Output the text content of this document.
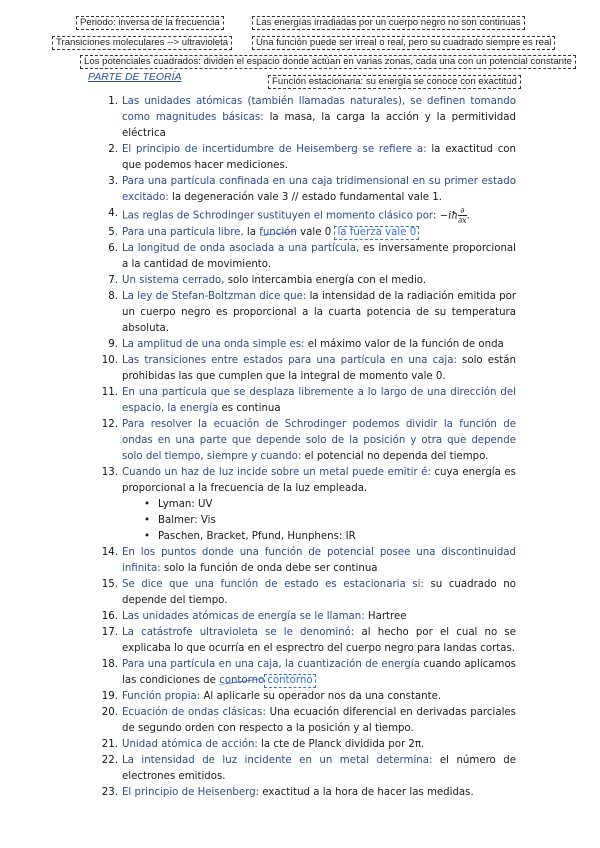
Periodo: inversa de la frecuencia	Las energías irradiadas por un cuerpo negro no son continuas
Transiciones moleculares --> ultravioleta	Una función puede ser irreal o real, pero su cuadrado siempre es real
Los potenciales cuadrados: dividen el espacio donde actúan en varias zonas, cada una con un potencial constante
Función estacionaria: su energía se conoce con exactitud
PARTE DE TEORÍA
1. Las unidades atómicas (también llamadas naturales), se definen tomando como magnitudes básicas: la masa, la carga la acción y la permitividad eléctrica
2. El principio de incertidumbre de Heisemberg se refiere a: la exactitud con que podemos hacer mediciones.
3. Para una partícula confinada en una caja tridimensional en su primer estado excitado: la degeneración vale 3 // estado fundamental vale 1.
4. Las reglas de Schrodinger sustituyen el momento clásico por: −iħ $\frac{\partial}{\partial x}$ .
5. Para una partícula libre, la función vale 0 la fuerza vale 0
6. La longitud de onda asociada a una partícula, es inversamente proporcional a la cantidad de movimiento.
7. Un sistema cerrado, solo intercambia energía con el medio.
8. La ley de Stefan-Boltzman dice que: la intensidad de la radiación emitida por un cuerpo negro es proporcional a la cuarta potencia de su temperatura absoluta.
9. La amplitud de una onda simple es: el máximo valor de la función de onda
10. Las transiciones entre estados para una partícula en una caja: solo están prohibidas las que cumplen que la integral de momento vale 0.
11. En una partícula que se desplaza libremente a lo largo de una dirección del espacio, la energía es continua
12. Para resolver la ecuación de Schrodinger podemos dividir la función de ondas en una parte que depende solo de la posición y otra que depende solo del tiempo, siempre y cuando: el potencial no dependa del tiempo.
13. Cuando un haz de luz incide sobre un metal puede emitir é: cuya energía es proporcional a la frecuencia de la luz empleada.
• Lyman: UV
• Balmer: Vis
• Paschen, Bracket, Pfund, Hunphens: IR
14. En los puntos donde una función de potencial posee una discontinuidad infinita: solo la función de onda debe ser continua
15. Se dice que una función de estado es estacionaria si: su cuadrado no depende del tiempo.
16. Las unidades atómicas de energía se le llaman: Hartree
17. La catástrofe ultravioleta se le denominó: al hecho por el cual no se explicaba lo que ocurría en el esprectro del cuerpo negro para landas cortas.
18. Para una partícula en una caja, la cuantización de energía cuando aplicamos las condiciones de contorno contorno
19. Función propia: Al aplicarle su operador nos da una constante.
20. Ecuación de ondas clásicas: Una ecuación diferencial en derivadas parciales de segundo orden con respecto a la posición y al tiempo.
21. Unidad atómica de acción: la cte de Planck dividida por 2π.
22. La intensidad de luz incidente en un metal determina: el número de electrones emitidos.
23. El principio de Heisenberg: exactitud a la hora de hacer las medidas.
